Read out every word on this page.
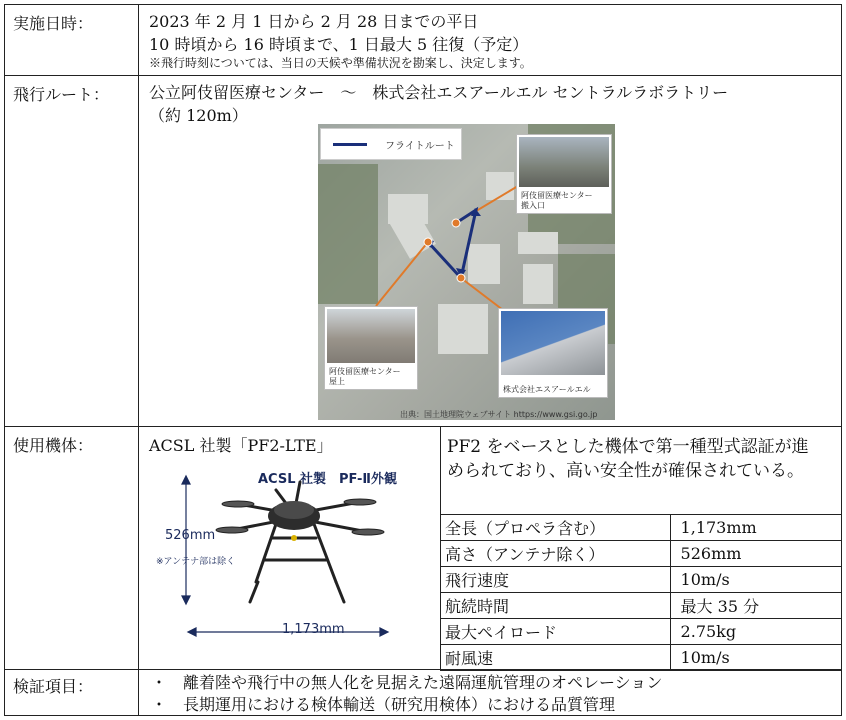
実施日時：	2023 年 2 月 1 日から 2 月 28 日までの平日
10 時頃から 16 時頃まで、1 日最大 5 往復（予定）
※飛行時刻については、当日の天候や準備状況を勘案し、決定します。
飛行ルート：	公立阿伎留医療センター　～　株式会社エスアールエル セントラルラボラトリー
（約 120m）
フライトルート
阿伎留医療センター
搬入口
阿伎留医療センター
屋上
株式会社エスアールエル
出典：国土地理院ウェブサイト https://www.gsi.go.jp
使用機体：	ACSL 社製「PF2-LTE」	PF2 をベースとした機体で第一種型式認証が進
められており、高い安全性が確保されている。
ACSL 社製　PF-Ⅱ外観
526mm
※アンテナ部は除く
1,173mm
全長（プロペラ含む）	1,173mm
高さ（アンテナ除く）	526mm
飛行速度	10m/s
航続時間	最大 35 分
最大ペイロード	2.75kg
耐風速	10m/s
検証項目：	・ 離着陸や飛行中の無人化を見据えた遠隔運航管理のオペレーション
・ 長期運用における検体輸送（研究用検体）における品質管理
